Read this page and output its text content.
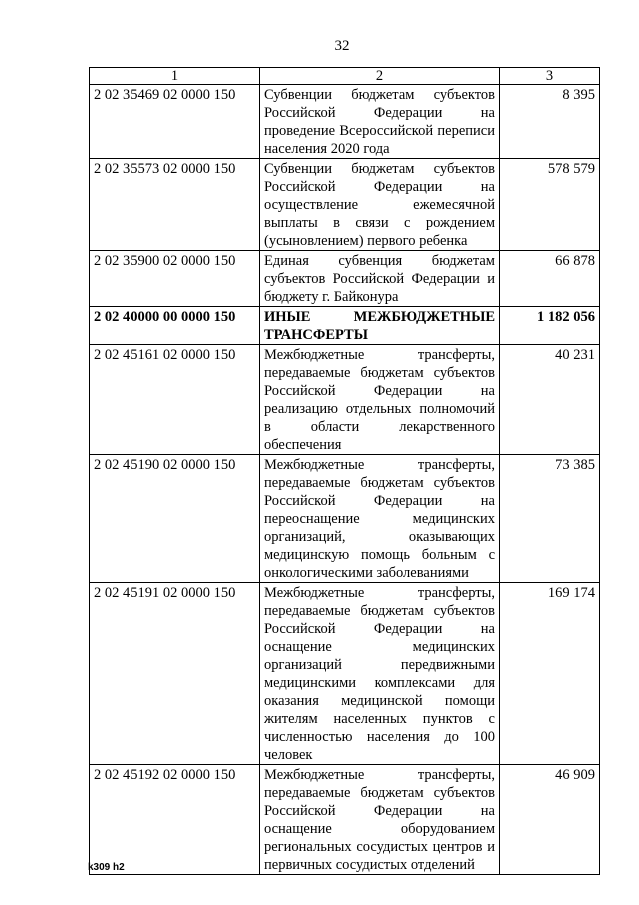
32
1	2	3
2 02 35469 02 0000 150	Субвенции бюджетам субъектов Российской Федерации на проведение Всероссийской переписи населения 2020 года	8 395
2 02 35573 02 0000 150	Субвенции бюджетам субъектов Российской Федерации на осуществление ежемесячной выплаты в связи с рождением (усыновлением) первого ребенка	578 579
2 02 35900 02 0000 150	Единая субвенция бюджетам субъектов Российской Федерации и бюджету г. Байконура	66 878
2 02 40000 00 0000 150	ИНЫЕ МЕЖБЮДЖЕТНЫЕ ТРАНСФЕРТЫ	1 182 056
2 02 45161 02 0000 150	Межбюджетные трансферты, передаваемые бюджетам субъектов Российской Федерации на реализацию отдельных полномочий в области лекарственного обеспечения	40 231
2 02 45190 02 0000 150	Межбюджетные трансферты, передаваемые бюджетам субъектов Российской Федерации на переоснащение медицинских организаций, оказывающих медицинскую помощь больным с онкологическими заболеваниями	73 385
2 02 45191 02 0000 150	Межбюджетные трансферты, передаваемые бюджетам субъектов Российской Федерации на оснащение медицинских организаций передвижными медицинскими комплексами для оказания медицинской помощи жителям населенных пунктов с численностью населения до 100 человек	169 174
2 02 45192 02 0000 150	Межбюджетные трансферты, передаваемые бюджетам субъектов Российской Федерации на оснащение оборудованием региональных сосудистых центров и первичных сосудистых отделений	46 909
k309 h2
